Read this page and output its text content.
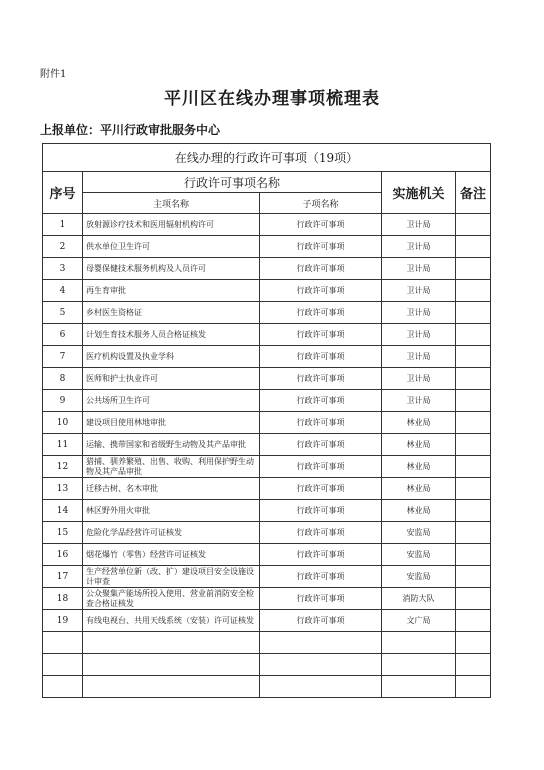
附件1
平川区在线办理事项梳理表
上报单位：平川行政审批服务中心
在线办理的行政许可事项（19项）				
序号	行政许可事项名称		实施机关	备注
	主项名称	子项名称		
1	放射源诊疗技术和医用辐射机构许可	行政许可事项	卫计局	
2	供水单位卫生许可	行政许可事项	卫计局	
3	母婴保健技术服务机构及人员许可	行政许可事项	卫计局	
4	再生育审批	行政许可事项	卫计局	
5	乡村医生资格证	行政许可事项	卫计局	
6	计划生育技术服务人员合格证核发	行政许可事项	卫计局	
7	医疗机构设置及执业学科	行政许可事项	卫计局	
8	医师和护士执业许可	行政许可事项	卫计局	
9	公共场所卫生许可	行政许可事项	卫计局	
10	建设项目使用林地审批	行政许可事项	林业局	
11	运输、携带国家和省级野生动物及其产品审批	行政许可事项	林业局	
12	猎捕、驯养繁殖、出售、收购、利用保护野生动物及其产品审批	行政许可事项	林业局	
13	迁移古树、名木审批	行政许可事项	林业局	
14	林区野外用火审批	行政许可事项	林业局	
15	危险化学品经营许可证核发	行政许可事项	安监局	
16	烟花爆竹（零售）经营许可证核发	行政许可事项	安监局	
17	生产经营单位新（改、扩）建设项目安全设施设计审查	行政许可事项	安监局	
18	公众聚集产能场所投入使用、营业前消防安全检查合格证核发	行政许可事项	消防大队	
19	有线电视台、共用天线系统（安装）许可证核发	行政许可事项	文广局	
